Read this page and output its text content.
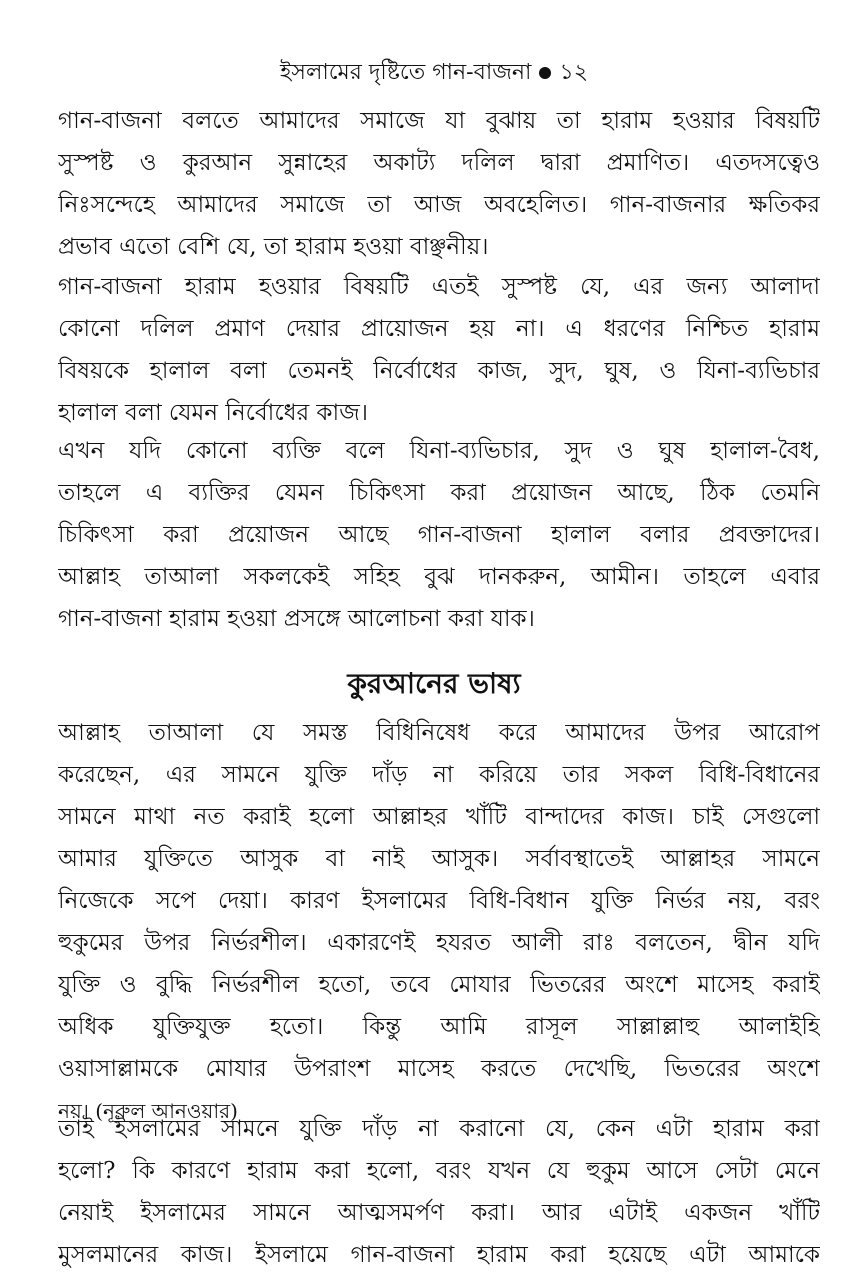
ইসলামের দৃষ্টিতে গান-বাজনা ১২
গান-বাজনা বলতে আমাদের সমাজে যা বুঝায় তা হারাম হওয়ার বিষয়টি
সুস্পষ্ট ও কুরআন সুন্নাহের অকাট্য দলিল দ্বারা প্রমাণিত। এতদসত্বেও
নিঃসন্দেহে আমাদের সমাজে তা আজ অবহেলিত। গান-বাজনার ক্ষতিকর
প্রভাব এতো বেশি যে, তা হারাম হওয়া বাঞ্ছনীয়।
গান-বাজনা হারাম হওয়ার বিষয়টি এতই সুস্পষ্ট যে, এর জন্য আলাদা
কোনো দলিল প্রমাণ দেয়ার প্রায়োজন হয় না। এ ধরণের নিশ্চিত হারাম
বিষয়কে হালাল বলা তেমনই নির্বোধের কাজ, সুদ, ঘুষ, ও যিনা-ব্যভিচার
হালাল বলা যেমন নির্বোধের কাজ।
এখন যদি কোনো ব্যক্তি বলে যিনা-ব্যভিচার, সুদ ও ঘুষ হালাল-বৈধ,
তাহলে এ ব্যক্তির যেমন চিকিৎসা করা প্রয়োজন আছে, ঠিক তেমনি
চিকিৎসা করা প্রয়োজন আছে গান-বাজনা হালাল বলার প্রবক্তাদের।
আল্লাহ তাআলা সকলকেই সহিহ বুঝ দানকরুন, আমীন। তাহলে এবার
গান-বাজনা হারাম হওয়া প্রসঙ্গে আলোচনা করা যাক।
কুরআনের ভাষ্য
আল্লাহ তাআলা যে সমস্ত বিধিনিষেধ করে আমাদের উপর আরোপ
করেছেন, এর সামনে যুক্তি দাঁড় না করিয়ে তার সকল বিধি-বিধানের
সামনে মাথা নত করাই হলো আল্লাহর খাঁটি বান্দাদের কাজ। চাই সেগুলো
আমার যুক্তিতে আসুক বা নাই আসুক। সর্বাবস্থাতেই আল্লাহর সামনে
নিজেকে সপে দেয়া। কারণ ইসলামের বিধি-বিধান যুক্তি নির্ভর নয়, বরং
হুকুমের উপর নির্ভরশীল। একারণেই হযরত আলী রাঃ বলতেন, দ্বীন যদি
যুক্তি ও বুদ্ধি নির্ভরশীল হতো, তবে মোযার ভিতরের অংশে মাসেহ করাই
অধিক যুক্তিযুক্ত হতো। কিন্তু আমি রাসূল সাল্লাল্লাহু আলাইহি
ওয়াসাল্লামকে মোযার উপরাংশ মাসেহ করতে দেখেছি, ভিতরের অংশে
নয়। (নূরুল আনওয়ার)
তাই ইসলামের সামনে যুক্তি দাঁড় না করানো যে, কেন এটা হারাম করা
হলো? কি কারণে হারাম করা হলো, বরং যখন যে হুকুম আসে সেটা মেনে
নেয়াই ইসলামের সামনে আত্মসমর্পণ করা। আর এটাই একজন খাঁটি
মুসলমানের কাজ। ইসলামে গান-বাজনা হারাম করা হয়েছে এটা আমাকে
